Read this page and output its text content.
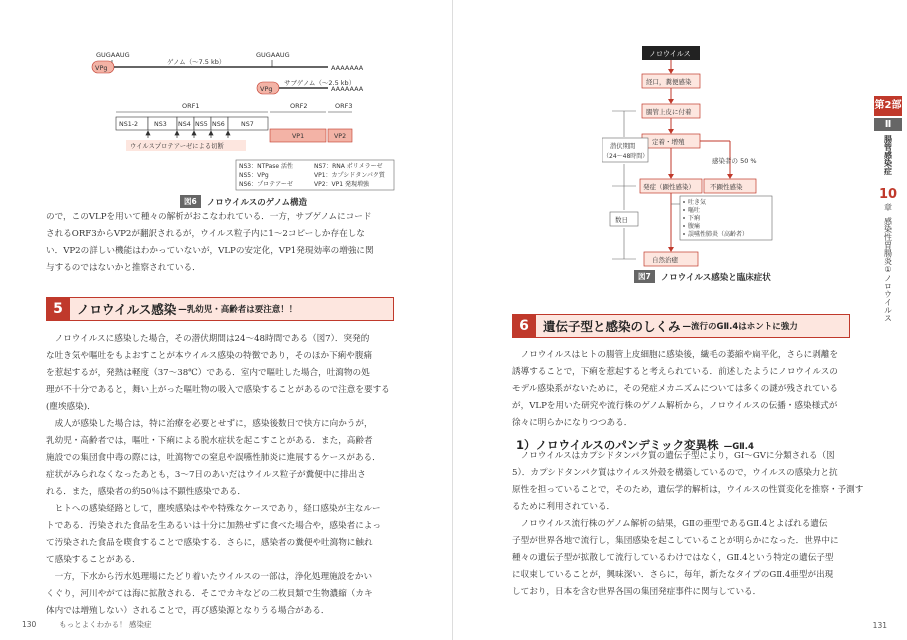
GUGAAUG
VPg
ゲノム（〜7.5 kb）
AAAAAAA
GUGAAUG
VPg
サブゲノム（〜2.5 kb）
AAAAAAA
ORF1	ORF2	ORF3
NS1-2	NS3 NS4 NS5 NS6	NS7
VP1	VP2
ウイルスプロテアーゼによる切断
NS3：NTPase 活性	NS7：RNA ポリメラーゼ
NS5：VPg	VP1：カプシドタンパク質
NS6：プロテアーゼ	VP2：VP1 発現増強
図6	ノロウイルスのゲノム構造
ので，このVLPを用いて種々の解析がおこなわれている．一方，サブゲノムにコード
されるORF3からVP2が翻訳されるが，ウイルス粒子内に1〜2コピーしか存在しな
い．VP2の詳しい機能はわかっていないが，VLPの安定化，VP1発現効率の増強に関
与するのではないかと推察されている．
5	ノロウイルス感染 —乳幼児・高齢者は要注意！！
ノロウイルスに感染した場合，その潜伏期間は24〜48時間である（図7）．突発的
な吐き気や嘔吐をもよおすことが本ウイルス感染の特徴であり，そのほか下痢や腹痛
を惹起するが，発熱は軽度（37〜38℃）である．室内で嘔吐した場合，吐瀉物の処
理が不十分であると，舞い上がった嘔吐物の吸入で感染することがあるので注意を要する
(塵埃感染)．
成人が感染した場合は，特に治療を必要とせずに，感染後数日で快方に向かうが，
乳幼児・高齢者では，嘔吐・下痢による脱水症状を起こすことがある．また，高齢者
施設での集団食中毒の際には，吐瀉物での窒息や誤嚥性肺炎に進展するケースがある．
症状がみられなくなったあとも，3〜7日のあいだはウイルス粒子が糞便中に排出さ
れる．また，感染者の約50％は不顕性感染である．
ヒトへの感染経路として，塵埃感染はやや特殊なケースであり，経口感染が主なルー
トである．汚染された食品を生あるいは十分に加熱せずに食べた場合や，感染者によっ
て汚染された食品を喫食することで感染する．さらに，感染者の糞便や吐瀉物に触れ
て感染することがある．
一方，下水から汚水処理場にたどり着いたウイルスの一部は，浄化処理施設をかい
くぐり，河川やがては海に拡散される．そこでカキなどの二枚貝類で生物濃縮（カキ
体内では増殖しない）されることで，再び感染源となりうる場合がある．
130	もっとよくわかる！ 感染症
ノロウイルス
経口，糞便感染
腸管上皮に付着
定着・増殖
感染者の 50 %
不顕性感染
発症（顕性感染）
自然治癒
吐き気
嘔吐
下痢
腹痛
誤嚥性肺炎（高齢者）
潜伏期間
（24〜48時間）
数日
図7	ノロウイルス感染と臨床症状
6	遺伝子型と感染のしくみ —流行のGⅡ.4はホントに強力
ノロウイルスはヒトの腸管上皮細胞に感染後，繊毛の萎縮や扁平化，さらに剥離を
誘導することで，下痢を惹起すると考えられている．前述したようにノロウイルスの
モデル感染系がないために，その発症メカニズムについては多くの謎が残されている
が，VLPを用いた研究や流行株のゲノム解析から，ノロウイルスの伝播・感染様式が
徐々に明らかになりつつある．
1）ノロウイルスのパンデミック変異株 —GⅡ.4
ノロウイルスはカプシドタンパク質の遺伝子型により，GⅠ〜GⅤに分類される（図
5）．カプシドタンパク質はウイルス外殻を構築しているので，ウイルスの感染力と抗
原性を担っていることで，そのため，遺伝学的解析は，ウイルスの性質変化を推察・予測す
るために利用されている．
ノロウイルス流行株のゲノム解析の結果，GⅡの亜型であるGⅡ.4とよばれる遺伝
子型が世界各地で流行し，集団感染を起こしていることが明らかになった．世界中に
種々の遺伝子型が拡散して流行しているわけではなく，GⅡ.4という特定の遺伝子型
に収束していることが，興味深い．さらに，毎年，新たなタイプのGⅡ.4亜型が出現
しており，日本を含む世界各国の集団発症事件に関与している．
第2部
Ⅱ
腸管感染症
10
章
感染性胃腸炎①ノロウイルス
131
